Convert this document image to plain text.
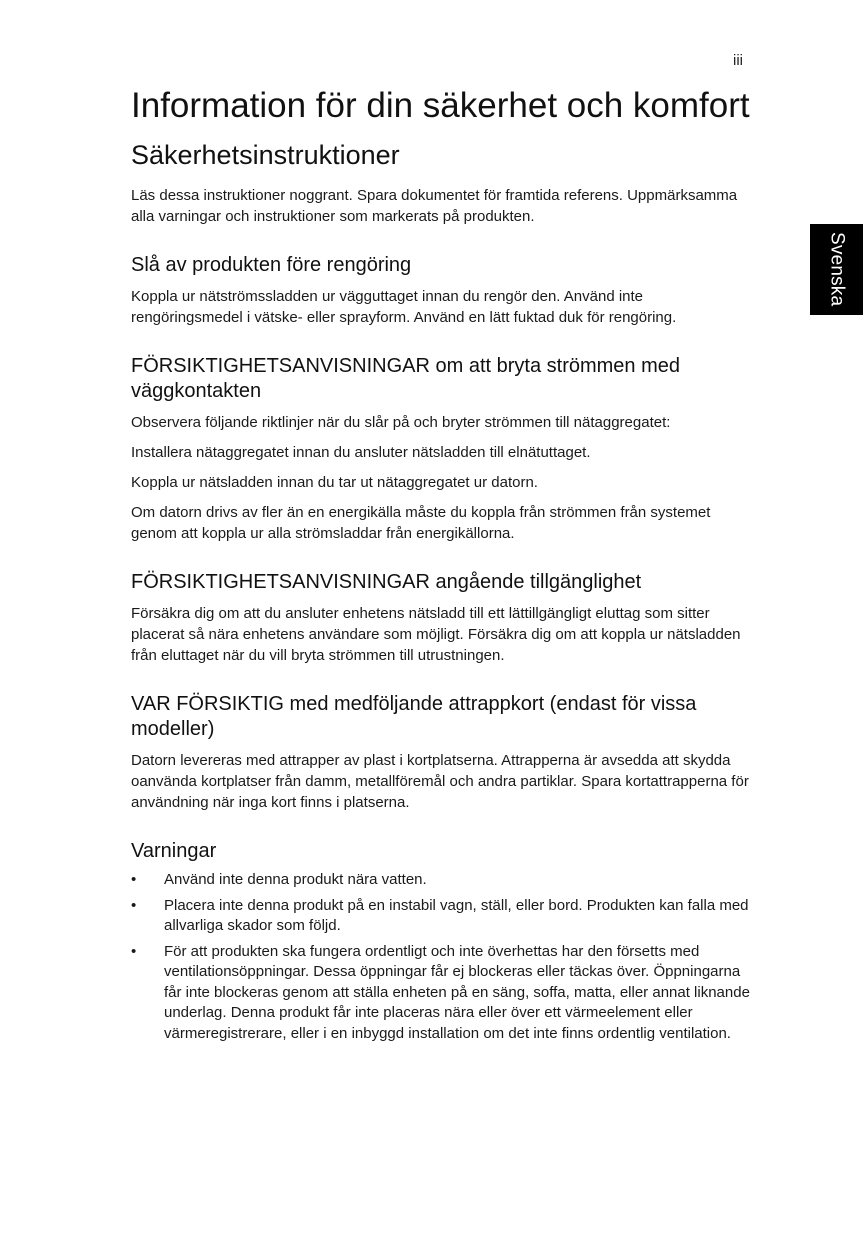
iii
Svenska
Information för din säkerhet och komfort
Säkerhetsinstruktioner

Läs dessa instruktioner noggrant. Spara dokumentet för framtida referens. Uppmärksamma alla varningar och instruktioner som markerats på produkten.

Slå av produkten före rengöring

Koppla ur nätströmssladden ur vägguttaget innan du rengör den. Använd inte rengöringsmedel i vätske- eller sprayform. Använd en lätt fuktad duk för rengöring.

FÖRSIKTIGHETSANVISNINGAR om att bryta strömmen med väggkontakten

Observera följande riktlinjer när du slår på och bryter strömmen till nätaggregatet:

Installera nätaggregatet innan du ansluter nätsladden till elnätuttaget.

Koppla ur nätsladden innan du tar ut nätaggregatet ur datorn.

Om datorn drivs av fler än en energikälla måste du koppla från strömmen från systemet genom att koppla ur alla strömsladdar från energikällorna.

FÖRSIKTIGHETSANVISNINGAR angående tillgänglighet

Försäkra dig om att du ansluter enhetens nätsladd till ett lättillgängligt eluttag som sitter placerat så nära enhetens användare som möjligt. Försäkra dig om att koppla ur nätsladden från eluttaget när du vill bryta strömmen till utrustningen.

VAR FÖRSIKTIG med medföljande attrappkort (endast för vissa modeller)

Datorn levereras med attrapper av plast i kortplatserna. Attrapperna är avsedda att skydda oanvända kortplatser från damm, metallföremål och andra partiklar. Spara kortattrapperna för användning när inga kort finns i platserna.

Varningar
• Använd inte denna produkt nära vatten.
• Placera inte denna produkt på en instabil vagn, ställ, eller bord. Produkten kan falla med allvarliga skador som följd.
• För att produkten ska fungera ordentligt och inte överhettas har den försetts med ventilationsöppningar. Dessa öppningar får ej blockeras eller täckas över. Öppningarna får inte blockeras genom att ställa enheten på en säng, soffa, matta, eller annat liknande underlag. Denna produkt får inte placeras nära eller över ett värmeelement eller värmeregistrerare, eller i en inbyggd installation om det inte finns ordentlig ventilation.
